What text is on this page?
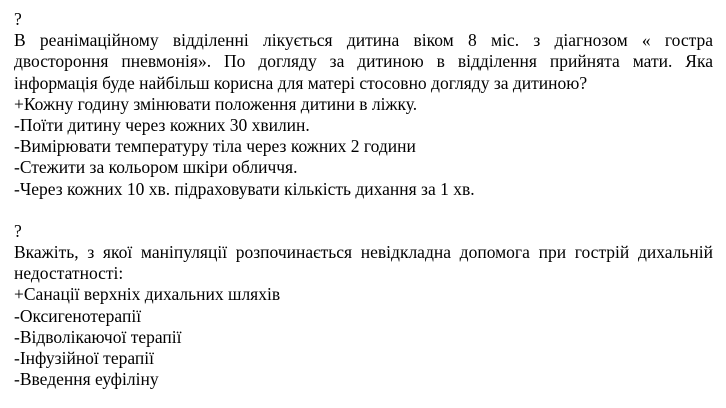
?
В реанімаційному відділенні лікується дитина віком 8 міс. з діагнозом « гостра
двостороння пневмонія». По догляду за дитиною в відділення прийнята мати. Яка
інформація буде найбільш корисна для матері стосовно догляду за дитиною?
+Кожну годину змінювати положення дитини в ліжку.
-Поїти дитину через кожних 30 хвилин.
-Вимірювати температуру тіла через кожних 2 години
-Стежити за кольором шкіри обличчя.
-Через кожних 10 хв. підраховувати кількість дихання за 1 хв.

?
Вкажіть, з якої маніпуляції розпочинається невідкладна допомога при гострій дихальній
недостатності:
+Санації верхніх дихальних шляхів
-Оксигенотерапії
-Відволікаючої терапії
-Інфузійної терапії
-Введення еуфіліну
